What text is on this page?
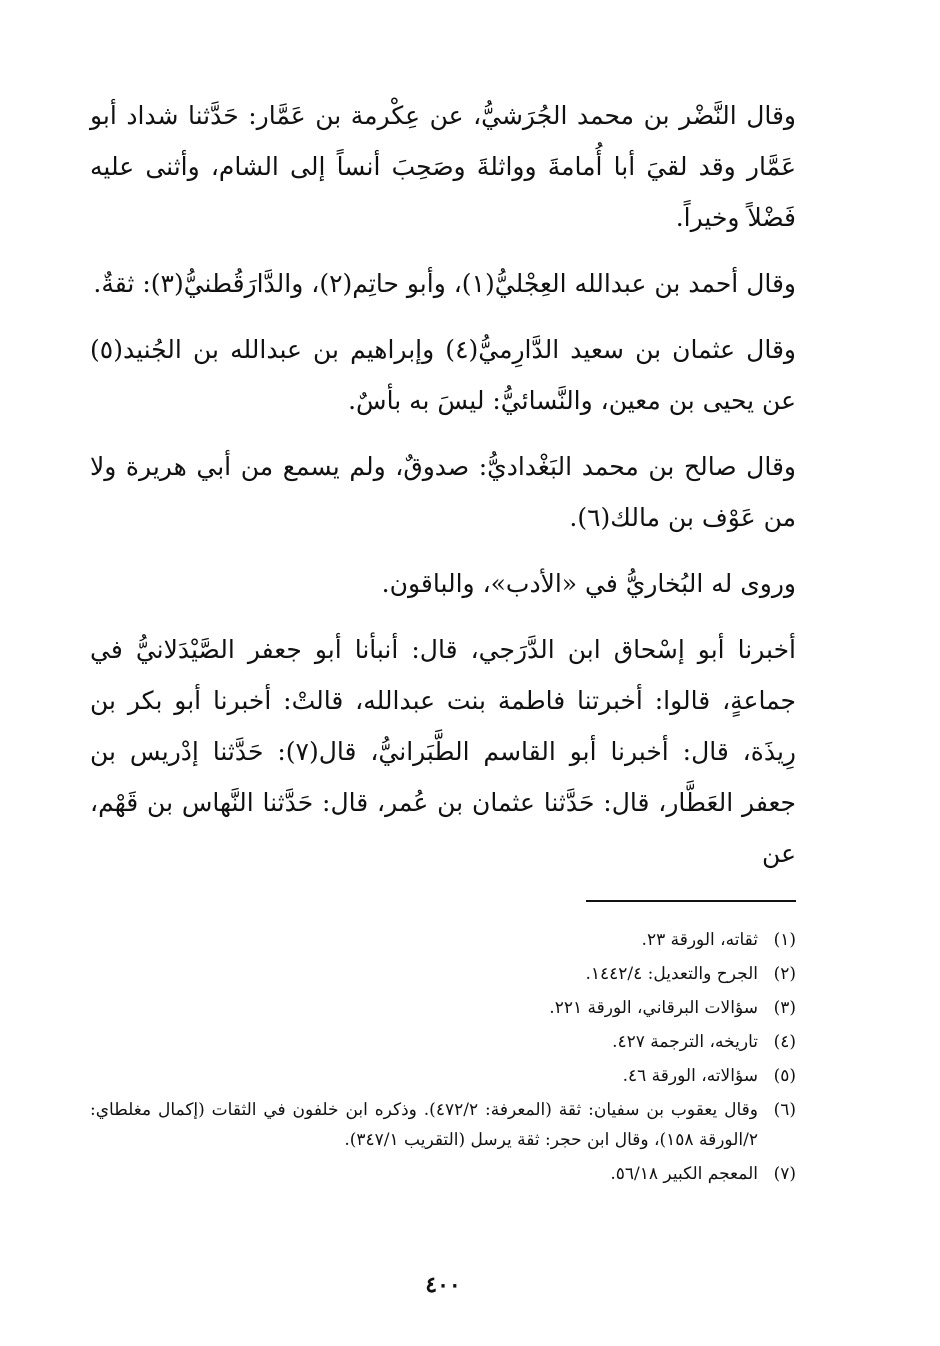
وقال النَّضْر بن محمد الجُرَشيُّ، عن عِكْرمة بن عَمَّار: حَدَّثنا شداد أبو عَمَّار وقد لقيَ أبا أُمامةَ وواثلةَ وصَحِبَ أنساً إلى الشام، وأثنى عليه فَضْلاً وخيراً.

وقال أحمد بن عبدالله العِجْليُّ(١)، وأبو حاتِم(٢)، والدَّارَقُطنيُّ(٣): ثقةٌ.

وقال عثمان بن سعيد الدَّارِميُّ(٤) وإبراهيم بن عبدالله بن الجُنيد(٥) عن يحيى بن معين، والنَّسائيُّ: ليسَ به بأسٌ.

وقال صالح بن محمد البَغْداديُّ: صدوقٌ، ولم يسمع من أبي هريرة ولا من عَوْف بن مالك(٦).

وروى له البُخاريُّ في «الأدب»، والباقون.

أخبرنا أبو إسْحاق ابن الدَّرَجي، قال: أنبأنا أبو جعفر الصَّيْدَلانيُّ في جماعةٍ، قالوا: أخبرتنا فاطمة بنت عبدالله، قالتْ: أخبرنا أبو بكر بن رِيذَة، قال: أخبرنا أبو القاسم الطَّبَرانيُّ، قال(٧): حَدَّثنا إدْريس بن جعفر العَطَّار، قال: حَدَّثنا عثمان بن عُمر، قال: حَدَّثنا النَّهاس بن قَهْم، عن

(١)
ثقاته، الورقة ٢٣.
(٢)
الجرح والتعديل: ١٤٤٢/٤.
(٣)
سؤالات البرقاني، الورقة ٢٢١.
(٤)
تاريخه، الترجمة ٤٢٧.
(٥)
سؤالاته، الورقة ٤٦.
(٦)
وقال يعقوب بن سفيان: ثقة (المعرفة: ٤٧٢/٢). وذكره ابن خلفون في الثقات (إكمال مغلطاي: ٢/الورقة ١٥٨)، وقال ابن حجر: ثقة يرسل (التقريب ٣٤٧/١).
(٧)
المعجم الكبير ٥٦/١٨.
٤٠٠
